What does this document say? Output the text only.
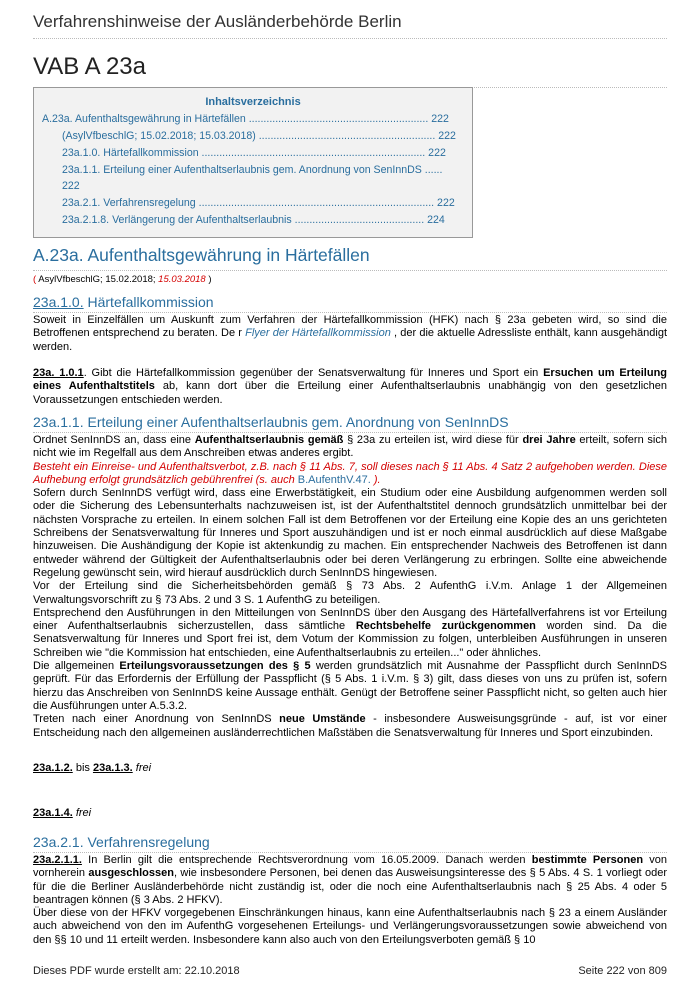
Verfahrenshinweise der Ausländerbehörde Berlin
VAB A 23a
Inhaltsverzeichnis
A.23a. Aufenthaltsgewährung in Härtefällen ............................................................. 222
(AsylVfbeschlG; 15.02.2018; 15.03.2018) ............................................................ 222
23a.1.0. Härtefallkommission ............................................................................ 222
23a.1.1. Erteilung einer Aufenthaltserlaubnis gem. Anordnung von SenInnDS ......
222
23a.2.1. Verfahrensregelung ................................................................................ 222
23a.2.1.8. Verlängerung der Aufenthaltserlaubnis ............................................ 224
A.23a. Aufenthaltsgewährung in Härtefällen
( AsylVfbeschlG; 15.02.2018; 15.03.2018 )
23a.1.0. Härtefallkommission
Soweit in Einzelfällen um Auskunft zum Verfahren der Härtefallkommission (HFK) nach § 23a gebeten wird, so sind die Betroffenen entsprechend zu beraten. De r Flyer der Härtefallkommission , der die aktuelle Adressliste enthält, kann ausgehändigt werden.
23a. 1.0.1. Gibt die Härtefallkommission gegenüber der Senatsverwaltung für Inneres und Sport ein Ersuchen um Erteilung eines Aufenthaltstitels ab, kann dort über die Erteilung einer Aufenthaltserlaubnis unabhängig von den gesetzlichen Voraussetzungen entschieden werden.
23a.1.1. Erteilung einer Aufenthaltserlaubnis gem. Anordnung von SenInnDS
Ordnet SenInnDS an, dass eine Aufenthaltserlaubnis gemäß § 23a zu erteilen ist, wird diese für drei Jahre erteilt, sofern sich nicht wie im Regelfall aus dem Anschreiben etwas anderes ergibt.
Besteht ein Einreise- und Aufenthaltsverbot, z.B. nach § 11 Abs. 7, soll dieses nach § 11 Abs. 4 Satz 2 aufgehoben werden. Diese Aufhebung erfolgt grundsätzlich gebührenfrei (s. auch B.AufenthV.47. ).
Sofern durch SenInnDS verfügt wird, dass eine Erwerbstätigkeit, ein Studium oder eine Ausbildung aufgenommen werden soll oder die Sicherung des Lebensunterhalts nachzuweisen ist, ist der Aufenthaltstitel dennoch grundsätzlich unmittelbar bei der nächsten Vorsprache zu erteilen. In einem solchen Fall ist dem Betroffenen vor der Erteilung eine Kopie des an uns gerichteten Schreibens der Senatsverwaltung für Inneres und Sport auszuhändigen und ist er noch einmal ausdrücklich auf diese Maßgabe hinzuweisen. Die Aushändigung der Kopie ist aktenkundig zu machen. Ein entsprechender Nachweis des Betroffenen ist dann entweder während der Gültigkeit der Aufenthaltserlaubnis oder bei deren Verlängerung zu erbringen. Sollte eine abweichende Regelung gewünscht sein, wird hierauf ausdrücklich durch SenInnDS hingewiesen.
Vor der Erteilung sind die Sicherheitsbehörden gemäß § 73 Abs. 2 AufenthG i.V.m. Anlage 1 der Allgemeinen Verwaltungsvorschrift zu § 73 Abs. 2 und 3 S. 1 AufenthG zu beteiligen.
Entsprechend den Ausführungen in den Mitteilungen von SenInnDS über den Ausgang des Härtefallverfahrens ist vor Erteilung einer Aufenthaltserlaubnis sicherzustellen, dass sämtliche Rechtsbehelfe zurückgenommen worden sind. Da die Senatsverwaltung für Inneres und Sport frei ist, dem Votum der Kommission zu folgen, unterbleiben Ausführungen in unseren Schreiben wie "die Kommission hat entschieden, eine Aufenthaltserlaubnis zu erteilen..." oder ähnliches.
Die allgemeinen Erteilungsvoraussetzungen des § 5 werden grundsätzlich mit Ausnahme der Passpflicht durch SenInnDS geprüft. Für das Erfordernis der Erfüllung der Passpflicht (§ 5 Abs. 1 i.V.m. § 3) gilt, dass dieses von uns zu prüfen ist, sofern hierzu das Anschreiben von SenInnDS keine Aussage enthält. Genügt der Betroffene seiner Passpflicht nicht, so gelten auch hier die Ausführungen unter A.5.3.2.
Treten nach einer Anordnung von SenInnDS neue Umstände - insbesondere Ausweisungsgründe - auf, ist vor einer Entscheidung nach den allgemeinen ausländerrechtlichen Maßstäben die Senatsverwaltung für Inneres und Sport einzubinden.
23a.1.2. bis 23a.1.3. frei
23a.1.4. frei
23a.2.1. Verfahrensregelung
23a.2.1.1. In Berlin gilt die entsprechende Rechtsverordnung vom 16.05.2009. Danach werden bestimmte Personen von vornherein ausgeschlossen, wie insbesondere Personen, bei denen das Ausweisungsinteresse des § 5 Abs. 4 S. 1 vorliegt oder für die die Berliner Ausländerbehörde nicht zuständig ist, oder die noch eine Aufenthaltserlaubnis nach § 25 Abs. 4 oder 5 beantragen können (§ 3 Abs. 2 HFKV).
Über diese von der HFKV vorgegebenen Einschränkungen hinaus, kann eine Aufenthaltserlaubnis nach § 23 a einem Ausländer auch abweichend von den im AufenthG vorgesehenen Erteilungs- und Verlängerungsvoraussetzungen sowie abweichend von den §§ 10 und 11 erteilt werden. Insbesondere kann also auch von den Erteilungsverboten gemäß § 10
Dieses PDF wurde erstellt am: 22.10.2018	Seite 222 von 809
